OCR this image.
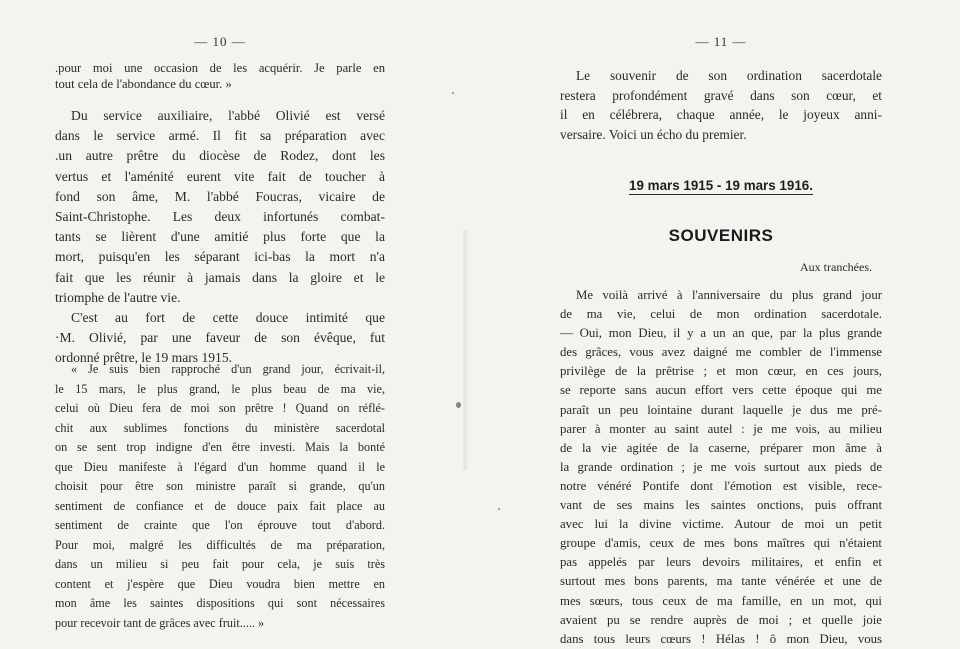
— 10 —
.pour moi une occasion de les acquérir. Je parle en
tout cela de l'abondance du cœur. »
Du service auxiliaire, l'abbé Olivié est versé
dans le service armé. Il fit sa préparation avec
.un autre prêtre du diocèse de Rodez, dont les
vertus et l'aménité eurent vite fait de toucher à
fond son âme, M. l'abbé Foucras, vicaire de
Saint-Christophe. Les deux infortunés combat-
tants se lièrent d'une amitié plus forte que la
mort, puisqu'en les séparant ici-bas la mort n'a
fait que les réunir à jamais dans la gloire et le
triomphe de l'autre vie.
C'est au fort de cette douce intimité que
·M. Olivié, par une faveur de son évêque, fut
ordonné prêtre, le 19 mars 1915.
« Je suis bien rapproché d'un grand jour, écrivait-il,
le 15 mars, le plus grand, le plus beau de ma vie,
celui où Dieu fera de moi son prêtre ! Quand on réflé-
chit aux sublimes fonctions du ministère sacerdotal
on se sent trop indigne d'en être investi. Mais la bonté
que Dieu manifeste à l'égard d'un homme quand il le
choisit pour être son ministre paraît si grande, qu'un
sentiment de confiance et de douce paix fait place au
sentiment de crainte que l'on éprouve tout d'abord.
Pour moi, malgré les difficultés de ma préparation,
dans un milieu si peu fait pour cela, je suis très
content et j'espère que Dieu voudra bien mettre en
mon âme les saintes dispositions qui sont nécessaires
pour recevoir tant de grâces avec fruit..... »
— 11 —
Le souvenir de son ordination sacerdotale
restera profondément gravé dans son cœur, et
il en célébrera, chaque année, le joyeux anni-
versaire. Voici un écho du premier.
19 mars 1915 - 19 mars 1916.
SOUVENIRS
Aux tranchées.
Me voilà arrivé à l'anniversaire du plus grand jour
de ma vie, celui de mon ordination sacerdotale.
— Oui, mon Dieu, il y a un an que, par la plus grande
des grâces, vous avez daigné me combler de l'immense
privilège de la prêtrise ; et mon cœur, en ces jours,
se reporte sans aucun effort vers cette époque qui me
paraît un peu lointaine durant laquelle je dus me pré-
parer à monter au saint autel : je me vois, au milieu
de la vie agitée de la caserne, préparer mon âme à
la grande ordination ; je me vois surtout aux pieds de
notre vénéré Pontife dont l'émotion est visible, rece-
vant de ses mains les saintes onctions, puis offrant
avec lui la divine victime. Autour de moi un petit
groupe d'amis, ceux de mes bons maîtres qui n'étaient
pas appelés par leurs devoirs militaires, et enfin et
surtout mes bons parents, ma tante vénérée et une de
mes sœurs, tous ceux de ma famille, en un mot, qui
avaient pu se rendre auprès de moi ; et quelle joie
dans tous leurs cœurs ! Hélas ! ô mon Dieu, vous
